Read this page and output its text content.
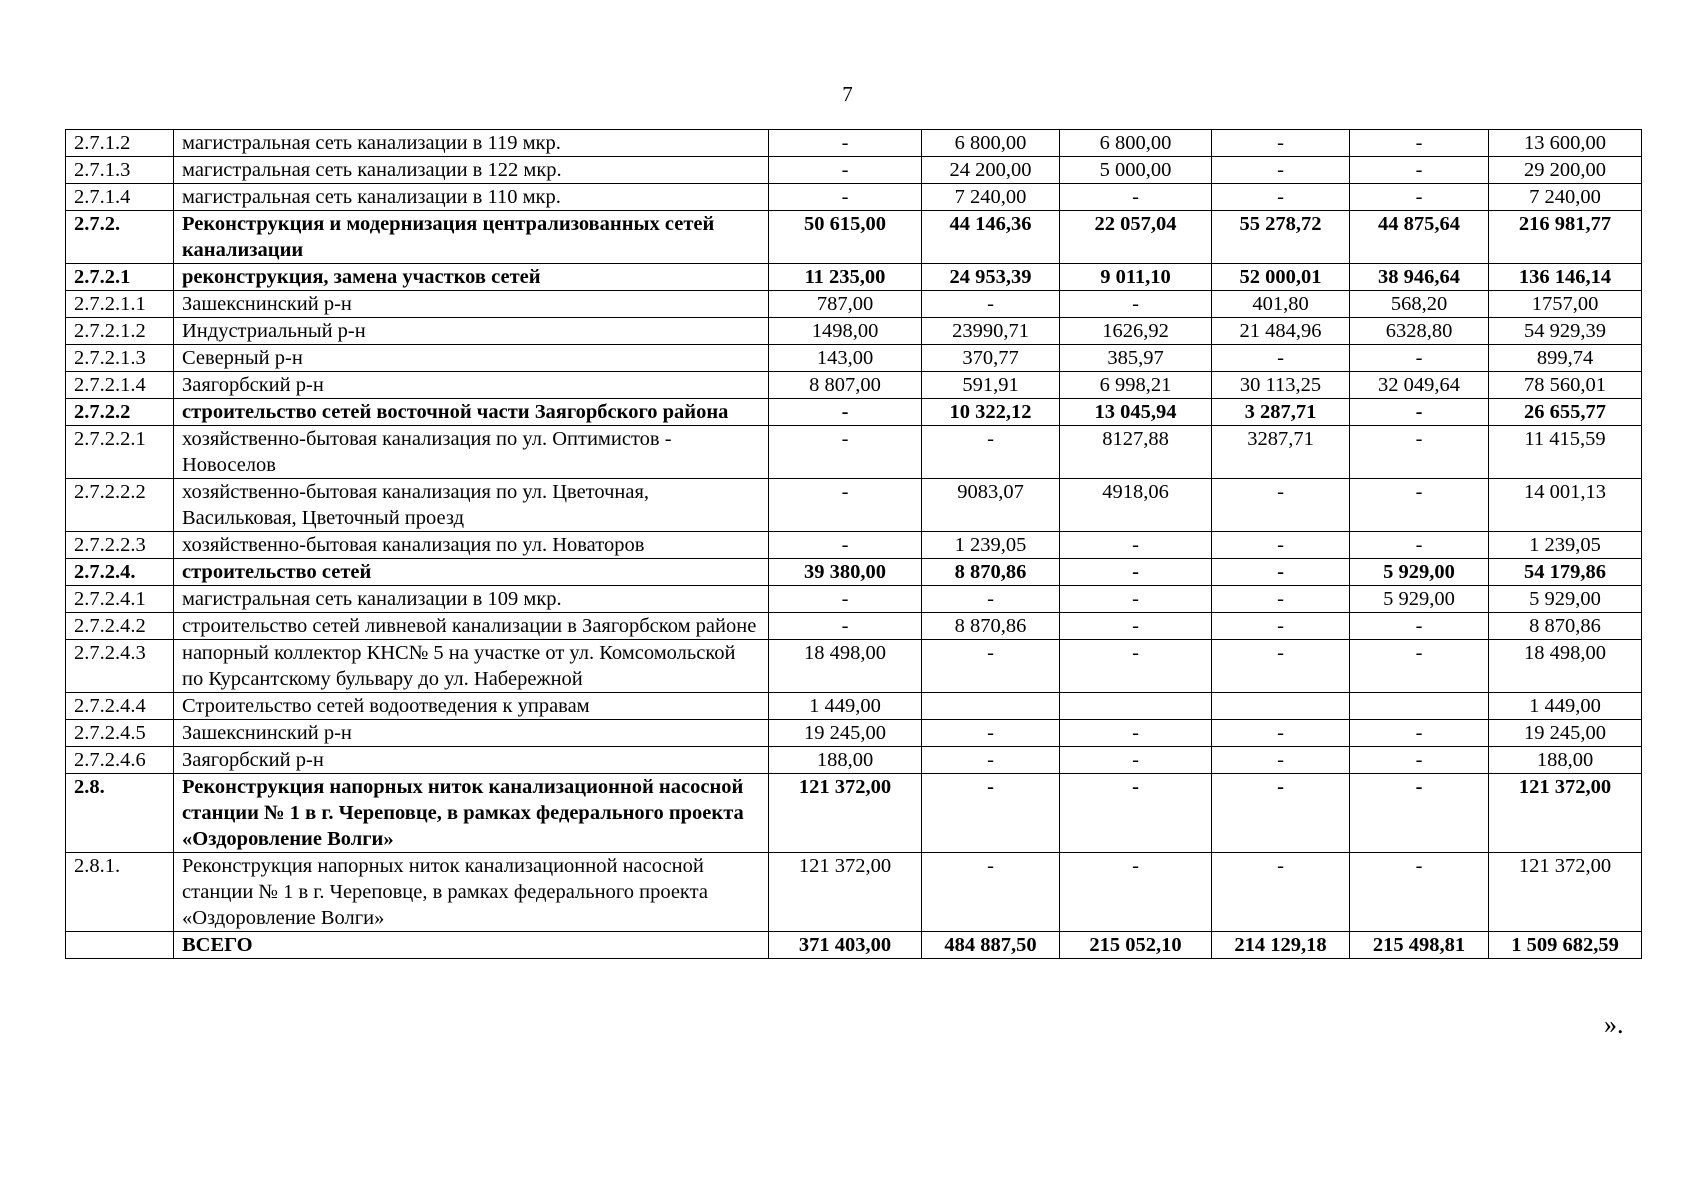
7
2.7.1.2	магистральная сеть канализации в 119 мкр.	-	6 800,00	6 800,00	-	-	13 600,00
2.7.1.3	магистральная сеть канализации в 122 мкр.	-	24 200,00	5 000,00	-	-	29 200,00
2.7.1.4	магистральная сеть канализации в 110 мкр.	-	7 240,00	-	-	-	7 240,00
2.7.2.	Реконструкция и модернизация централизованных сетей канализации	50 615,00	44 146,36	22 057,04	55 278,72	44 875,64	216 981,77
2.7.2.1	реконструкция, замена участков сетей	11 235,00	24 953,39	9 011,10	52 000,01	38 946,64	136 146,14
2.7.2.1.1	Зашекснинский р-н	787,00	-	-	401,80	568,20	1757,00
2.7.2.1.2	Индустриальный р-н	1498,00	23990,71	1626,92	21 484,96	6328,80	54 929,39
2.7.2.1.3	Северный р-н	143,00	370,77	385,97	-	-	899,74
2.7.2.1.4	Заягорбский р-н	8 807,00	591,91	6 998,21	30 113,25	32 049,64	78 560,01
2.7.2.2	строительство сетей восточной части Заягорбского района	-	10 322,12	13 045,94	3 287,71	-	26 655,77
2.7.2.2.1	хозяйственно-бытовая канализация по ул. Оптимистов - Новоселов	-	-	8127,88	3287,71	-	11 415,59
2.7.2.2.2	хозяйственно-бытовая канализация по ул. Цветочная, Васильковая, Цветочный проезд	-	9083,07	4918,06	-	-	14 001,13
2.7.2.2.3	хозяйственно-бытовая канализация по ул. Новаторов	-	1 239,05	-	-	-	1 239,05
2.7.2.4.	строительство сетей	39 380,00	8 870,86	-	-	5 929,00	54 179,86
2.7.2.4.1	магистральная сеть канализации в 109 мкр.	-	-	-	-	5 929,00	5 929,00
2.7.2.4.2	строительство сетей ливневой канализации в Заягорбском районе	-	8 870,86	-	-	-	8 870,86
2.7.2.4.3	напорный коллектор КНС№ 5 на участке от ул. Комсомольской по Курсантскому бульвару до ул. Набережной	18 498,00	-	-	-	-	18 498,00
2.7.2.4.4	Строительство сетей водоотведения к управам	1 449,00					1 449,00
2.7.2.4.5	Зашекснинский р-н	19 245,00	-	-	-	-	19 245,00
2.7.2.4.6	Заягорбский р-н	188,00	-	-	-	-	188,00
2.8.	Реконструкция напорных ниток канализационной насосной станции № 1 в г. Череповце, в рамках федерального проекта «Оздоровление Волги»	121 372,00	-	-	-	-	121 372,00
2.8.1.	Реконструкция напорных ниток канализационной насосной станции № 1 в г. Череповце, в рамках федерального проекта «Оздоровление Волги»	121 372,00	-	-	-	-	121 372,00
	ВСЕГО	371 403,00	484 887,50	215 052,10	214 129,18	215 498,81	1 509 682,59
».
